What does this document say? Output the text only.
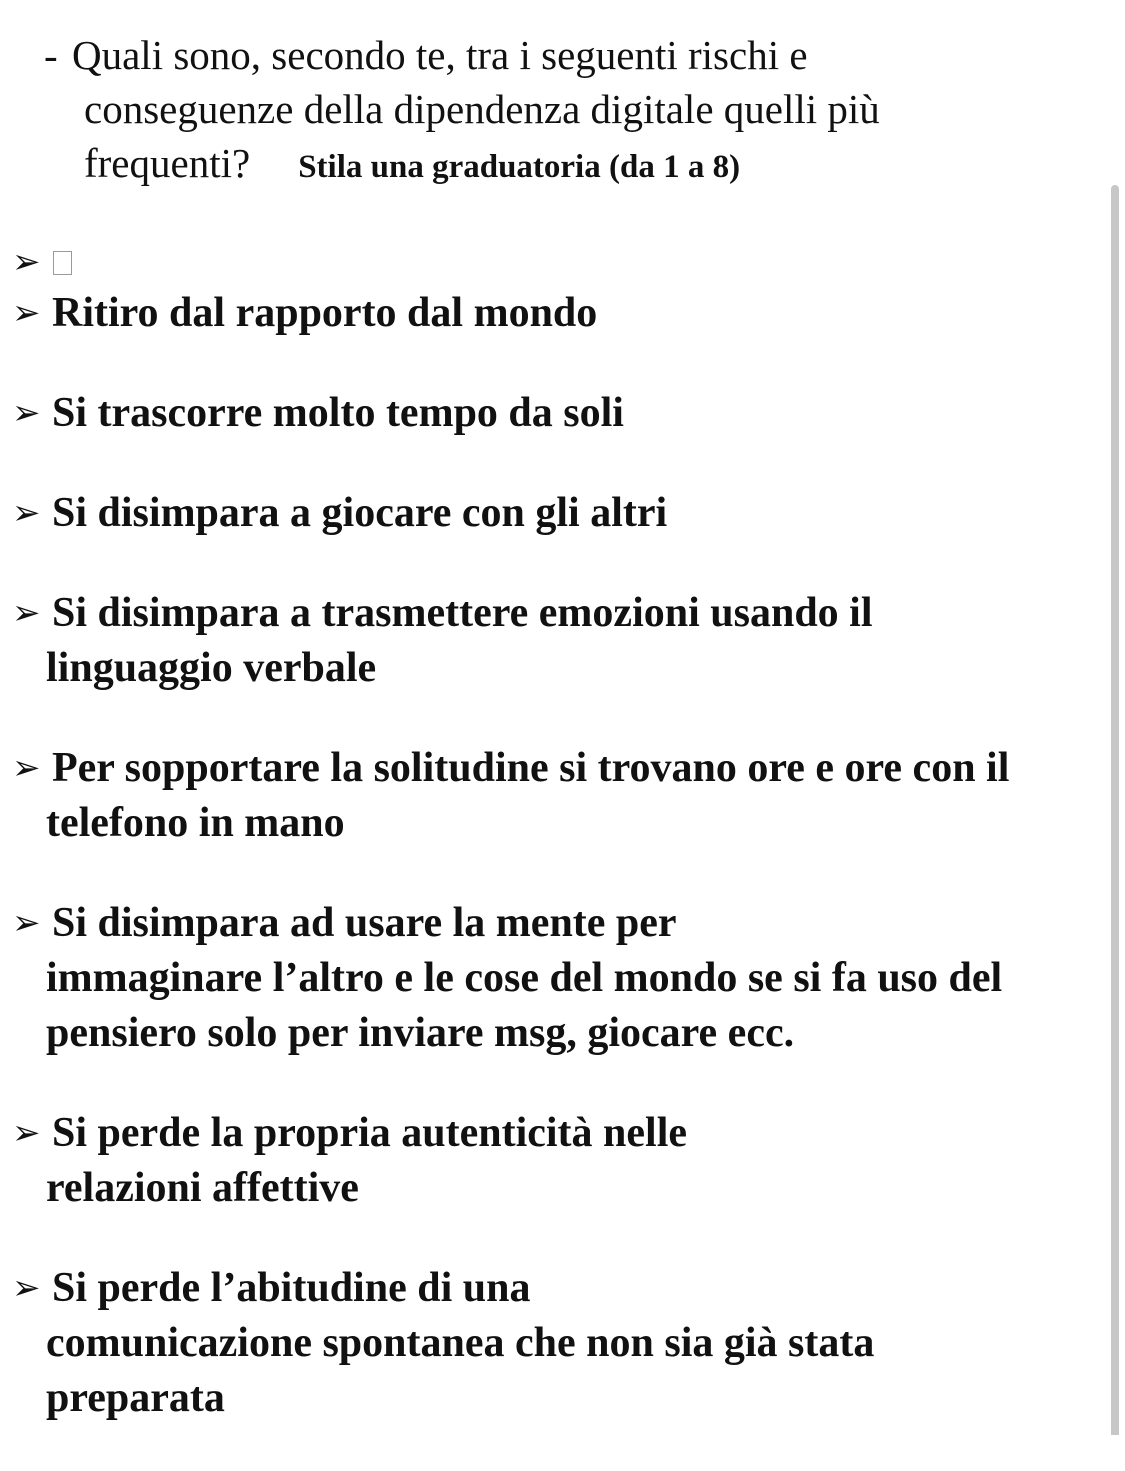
- Quali sono, secondo te, tra i seguenti rischi e
conseguenze della dipendenza digitale quelli più
frequenti? Stila una graduatoria (da 1 a 8)
➢
➢ Ritiro dal rapporto dal mondo
➢ Si trascorre molto tempo da soli
➢ Si disimpara a giocare con gli altri
➢ Si disimpara a trasmettere emozioni usando il
linguaggio verbale
➢ Per sopportare la solitudine si trovano ore e ore con il
telefono in mano
➢ Si disimpara ad usare la mente per
immaginare l’altro e le cose del mondo se si fa uso del
pensiero solo per inviare msg, giocare ecc.
➢ Si perde la propria autenticità nelle
relazioni affettive
➢ Si perde l’abitudine di una
comunicazione spontanea che non sia già stata
preparata
